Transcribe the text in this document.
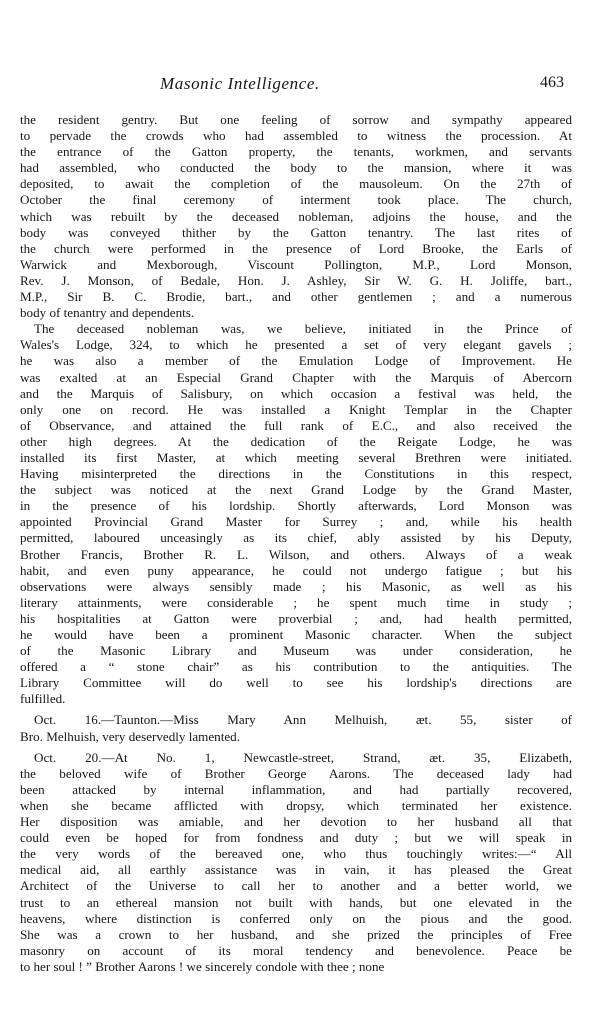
Masonic Intelligence.	463
the resident gentry. But one feeling of sorrow and sympathy appeared
to pervade the crowds who had assembled to witness the procession. At
the entrance of the Gatton property, the tenants, workmen, and servants
had assembled, who conducted the body to the mansion, where it was
deposited, to await the completion of the mausoleum. On the 27th of
October the final ceremony of interment took place. The church,
which was rebuilt by the deceased nobleman, adjoins the house, and the
body was conveyed thither by the Gatton tenantry. The last rites of
the church were performed in the presence of Lord Brooke, the Earls of
Warwick and Mexborough, Viscount Pollington, M.P., Lord Monson,
Rev. J. Monson, of Bedale, Hon. J. Ashley, Sir W. G. H. Joliffe, bart.,
M.P., Sir B. C. Brodie, bart., and other gentlemen ; and a numerous
body of tenantry and dependents.
The deceased nobleman was, we believe, initiated in the Prince of
Wales's Lodge, 324, to which he presented a set of very elegant gavels ;
he was also a member of the Emulation Lodge of Improvement. He
was exalted at an Especial Grand Chapter with the Marquis of Abercorn
and the Marquis of Salisbury, on which occasion a festival was held, the
only one on record. He was installed a Knight Templar in the Chapter
of Observance, and attained the full rank of E.C., and also received the
other high degrees. At the dedication of the Reigate Lodge, he was
installed its first Master, at which meeting several Brethren were initiated.
Having misinterpreted the directions in the Constitutions in this respect,
the subject was noticed at the next Grand Lodge by the Grand Master,
in the presence of his lordship. Shortly afterwards, Lord Monson was
appointed Provincial Grand Master for Surrey ; and, while his health
permitted, laboured unceasingly as its chief, ably assisted by his Deputy,
Brother Francis, Brother R. L. Wilson, and others. Always of a weak
habit, and even puny appearance, he could not undergo fatigue ; but his
observations were always sensibly made ; his Masonic, as well as his
literary attainments, were considerable ; he spent much time in study ;
his hospitalities at Gatton were proverbial ; and, had health permitted,
he would have been a prominent Masonic character. When the subject
of the Masonic Library and Museum was under consideration, he
offered a “ stone chair” as his contribution to the antiquities. The
Library Committee will do well to see his lordship's directions are
fulfilled.
Oct. 16.—Taunton.—Miss Mary Ann Melhuish, æt. 55, sister of
Bro. Melhuish, very deservedly lamented.
Oct. 20.—At No. 1, Newcastle-street, Strand, æt. 35, Elizabeth,
the beloved wife of Brother George Aarons. The deceased lady had
been attacked by internal inflammation, and had partially recovered,
when she became afflicted with dropsy, which terminated her existence.
Her disposition was amiable, and her devotion to her husband all that
could even be hoped for from fondness and duty ; but we will speak in
the very words of the bereaved one, who thus touchingly writes:—“ All
medical aid, all earthly assistance was in vain, it has pleased the Great
Architect of the Universe to call her to another and a better world, we
trust to an ethereal mansion not built with hands, but one elevated in the
heavens, where distinction is conferred only on the pious and the good.
She was a crown to her husband, and she prized the principles of Free
masonry on account of its moral tendency and benevolence. Peace be
to her soul ! ” Brother Aarons ! we sincerely condole with thee ; none
